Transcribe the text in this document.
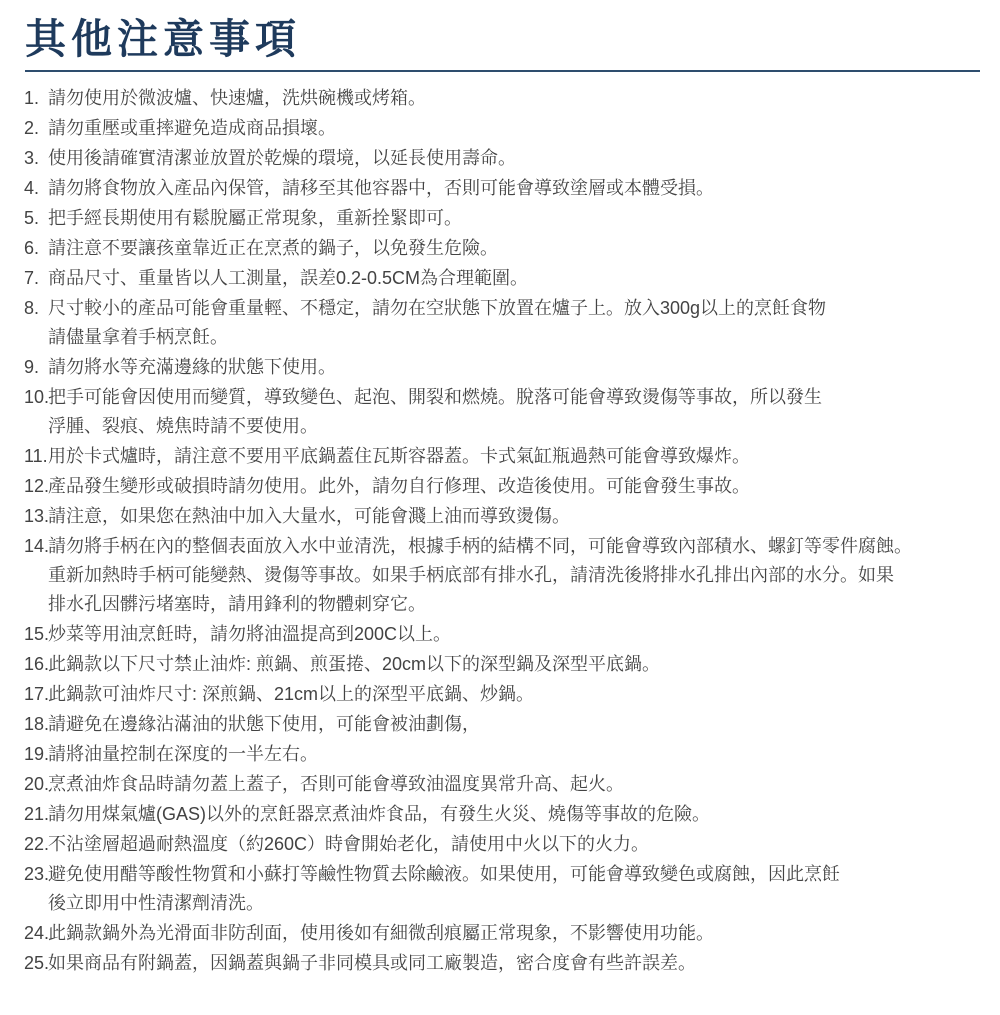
其他注意事項
1. 請勿使用於微波爐、快速爐，洗烘碗機或烤箱。
2. 請勿重壓或重摔避免造成商品損壞。
3. 使用後請確實清潔並放置於乾燥的環境，以延長使用壽命。
4. 請勿將食物放入產品內保管，請移至其他容器中，否則可能會導致塗層或本體受損。
5. 把手經長期使用有鬆脫屬正常現象，重新拴緊即可。
6. 請注意不要讓孩童靠近正在烹煮的鍋子，以免發生危險。
7. 商品尺寸、重量皆以人工測量，誤差0.2-0.5CM為合理範圍。
8. 尺寸較小的產品可能會重量輕、不穩定，請勿在空狀態下放置在爐子上。放入300g以上的烹飪食物
請儘量拿着手柄烹飪。
9. 請勿將水等充滿邊緣的狀態下使用。
10.
把手可能會因使用而變質，導致變色、起泡、開裂和燃燒。脫落可能會導致燙傷等事故，所以發生
浮腫、裂痕、燒焦時請不要使用。
11. 用於卡式爐時，請注意不要用平底鍋蓋住瓦斯容器蓋。卡式氣缸瓶過熱可能會導致爆炸。
12.
產品發生變形或破損時請勿使用。此外，請勿自行修理、改造後使用。可能會發生事故。
13.
請注意，如果您在熱油中加入大量水，可能會濺上油而導致燙傷。
14.
請勿將手柄在內的整個表面放入水中並清洗，根據手柄的結構不同，可能會導致內部積水、螺釘等零件腐蝕。
重新加熱時手柄可能變熱、燙傷等事故。如果手柄底部有排水孔，請清洗後將排水孔排出內部的水分。如果
排水孔因髒污堵塞時，請用鋒利的物體刺穿它。
15.
炒菜等用油烹飪時，請勿將油溫提高到200C以上。
16.
此鍋款以下尺寸禁止油炸: 煎鍋、煎蛋捲、20cm以下的深型鍋及深型平底鍋。
17.
此鍋款可油炸尺寸: 深煎鍋、21cm以上的深型平底鍋、炒鍋。
18.
請避免在邊緣沾滿油的狀態下使用，可能會被油劃傷，
19.
請將油量控制在深度的一半左右。
20.
烹煮油炸食品時請勿蓋上蓋子，否則可能會導致油溫度異常升高、起火。
21.
請勿用煤氣爐(GAS)以外的烹飪器烹煮油炸食品，有發生火災、燒傷等事故的危險。
22.
不沾塗層超過耐熱溫度（約260C）時會開始老化，請使用中火以下的火力。
23.
避免使用醋等酸性物質和小蘇打等鹼性物質去除鹼液。如果使用，可能會導致變色或腐蝕，因此烹飪
後立即用中性清潔劑清洗。
24.
此鍋款鍋外為光滑面非防刮面，使用後如有細微刮痕屬正常現象，不影響使用功能。
25.
如果商品有附鍋蓋，因鍋蓋與鍋子非同模具或同工廠製造，密合度會有些許誤差。
